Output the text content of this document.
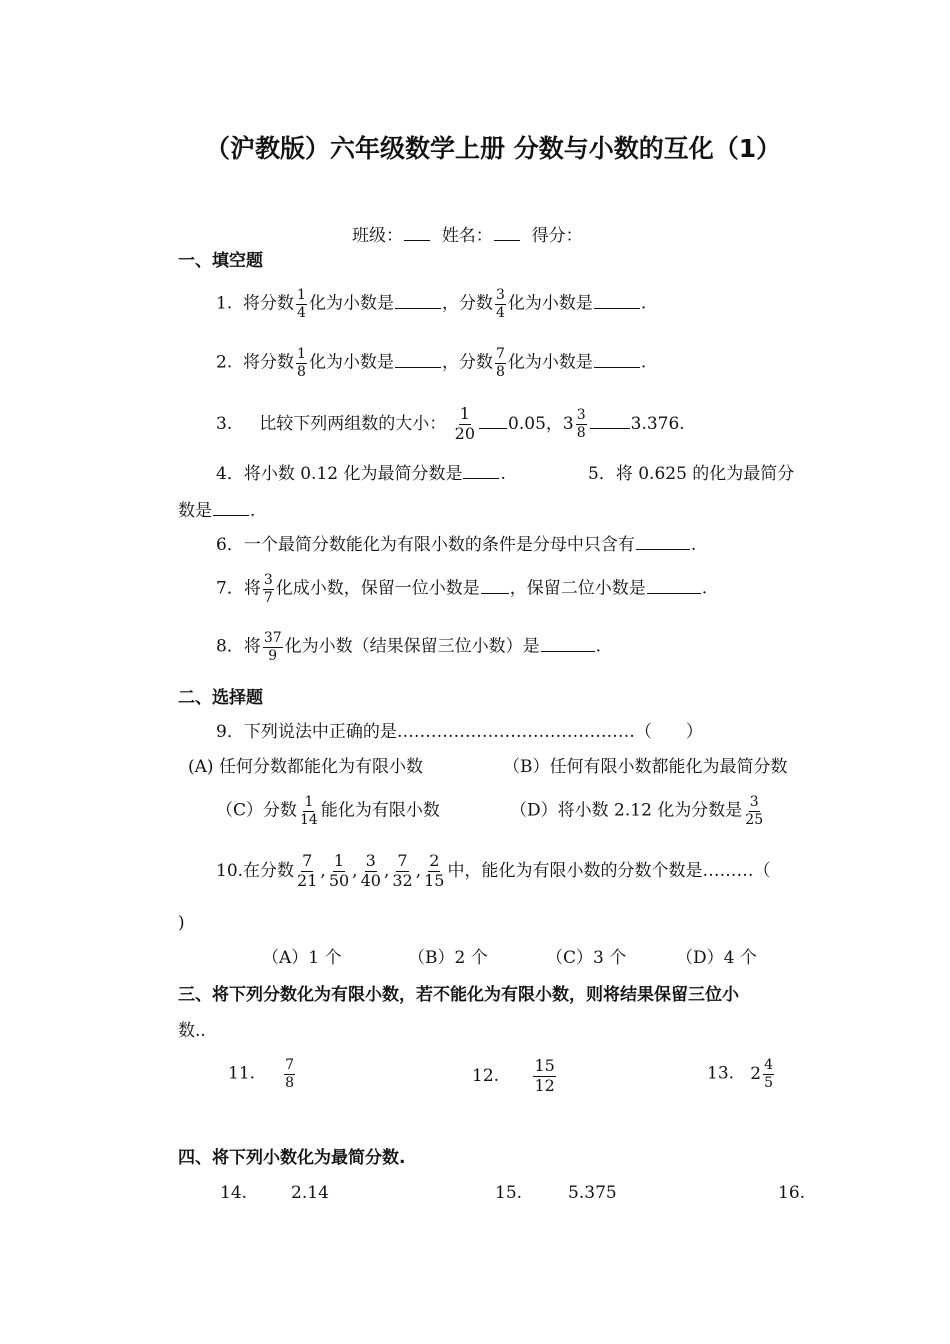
（沪教版）六年级数学上册 分数与小数的互化（1）
班级： 姓名： 得分：
一、填空题
1. 将分数 $\frac{1}{4}$ 化为小数是	，分数 $\frac{3}{4}$ 化为小数是	.
2. 将分数 $\frac{1}{8}$ 化为小数是	，分数 $\frac{7}{8}$ 化为小数是	.
3. 比较下列两组数的大小： $\frac{1}{20} 0.05$， $3 \frac{3}{8}$	3.376.
4．将小数 0.12 化为最简分数是 .	5．将 0.625 的化为最简分
数是 .
6．一个最简分数能化为有限小数的条件是分母中只含有	.
7．将 $\frac{3}{7}$ 化成小数，保留一位小数是 ，保留二位小数是	.
8．将 $\frac{37}{9}$ 化为小数（结果保留三位小数）是	.
二、选择题
9．下列说法中正确的是……………………………………（　　）
(A) 任何分数都能化为有限小数	（B）任何有限小数都能化为最简分数
（C）分数 $\frac{1}{14}$ 能化为有限小数	（D）将小数 2.12 化为分数是 $\frac{3}{25}$
10.在分数 $\frac{7}{21}$ , $\frac{1}{50}$ , $\frac{3}{40}$ , $\frac{7}{32}$ , $\frac{2}{15}$ 中，能化为有限小数的分数个数是………（
)
（A）1 个	（B）2 个	（C）3 个	（D）4 个
三、将下列分数化为有限小数，若不能化为有限小数，则将结果保留三位小
数..
11. $\frac{7}{8}$	12. $\frac{15}{12}$	13. $2 \frac{4}{5}$
四、将下列小数化为最简分数.
14.	2.14	15.	5.375	16.
